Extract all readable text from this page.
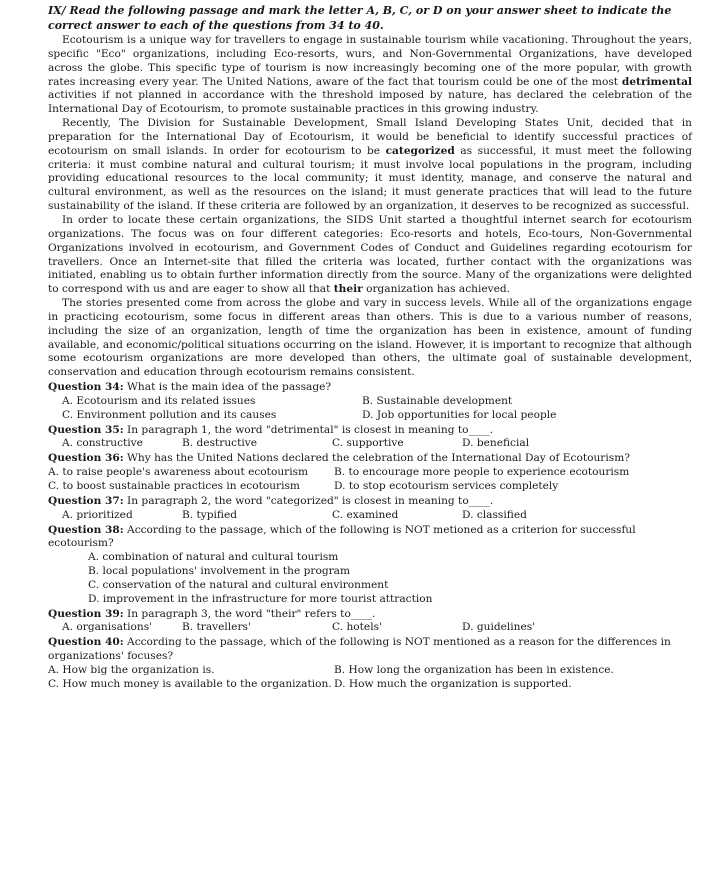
IX/ Read the following passage and mark the letter A, B, C, or D on your answer sheet to indicate the correct answer to each of the questions from 34 to 40.

Ecotourism is a unique way for travellers to engage in sustainable tourism while vacationing. Throughout the years, specific "Eco" organizations, including Eco-resorts, wurs, and Non-Governmental Organizations, have developed across the globe. This specific type of tourism is now increasingly becoming one of the more popular, with growth rates increasing every year. The United Nations, aware of the fact that tourism could be one of the most detrimental activities if not planned in accordance with the threshold imposed by nature, has declared the celebration of the International Day of Ecotourism, to promote sustainable practices in this growing industry.

Recently, The Division for Sustainable Development, Small Island Developing States Unit, decided that in preparation for the International Day of Ecotourism, it would be beneficial to identify successful practices of ecotourism on small islands. In order for ecotourism to be categorized as successful, it must meet the following criteria: it must combine natural and cultural tourism; it must involve local populations in the program, including providing educational resources to the local community; it must identity, manage, and conserve the natural and cultural environment, as well as the resources on the island; it must generate practices that will lead to the future sustainability of the island. If these criteria are followed by an organization, it deserves to be recognized as successful.

In order to locate these certain organizations, the SIDS Unit started a thoughtful internet search for ecotourism organizations. The focus was on four different categories: Eco-resorts and hotels, Eco-tours, Non-Governmental Organizations involved in ecotourism, and Government Codes of Conduct and Guidelines regarding ecotourism for travellers. Once an Internet-site that filled the criteria was located, further contact with the organizations was initiated, enabling us to obtain further information directly from the source. Many of the organizations were delighted to correspond with us and are eager to show all that their organization has achieved.

The stories presented come from across the globe and vary in success levels. While all of the organizations engage in practicing ecotourism, some focus in different areas than others. This is due to a various number of reasons, including the size of an organization, length of time the organization has been in existence, amount of funding available, and economic/political situations occurring on the island. However, it is important to recognize that although some ecotourism organizations are more developed than others, the ultimate goal of sustainable development, conservation and education through ecotourism remains consistent.

Question 34: What is the main idea of the passage?

A. Ecotourism and its related issues	B. Sustainable development
C. Environment pollution and its causes	D. Job opportunities for local people

Question 35: In paragraph 1, the word "detrimental" is closest in meaning to____.

A. constructive	B. destructive	C. supportive	D. beneficial

Question 36: Why has the United Nations declared the celebration of the International Day of Ecotourism?

A. to raise people's awareness about ecotourism	B. to encourage more people to experience ecotourism
C. to boost sustainable practices in ecotourism	D. to stop ecotourism services completely

Question 37: In paragraph 2, the word "categorized" is closest in meaning to____.

A. prioritized	B. typified	C. examined	D. classified

Question 38: According to the passage, which of the following is NOT metioned as a criterion for successful ecotourism?

A. combination of natural and cultural tourism
B. local populations' involvement in the program
C. conservation of the natural and cultural environment
D. improvement in the infrastructure for more tourist attraction

Question 39: In paragraph 3, the word "their" refers to____.

A. organisations'	B. travellers'	C. hotels'	D. guidelines'

Question 40: According to the passage, which of the following is NOT mentioned as a reason for the differences in organizations' focuses?

A. How big the organization is.	B. How long the organization has been in existence.
C. How much money is available to the organization. D. How much the organization is supported.
